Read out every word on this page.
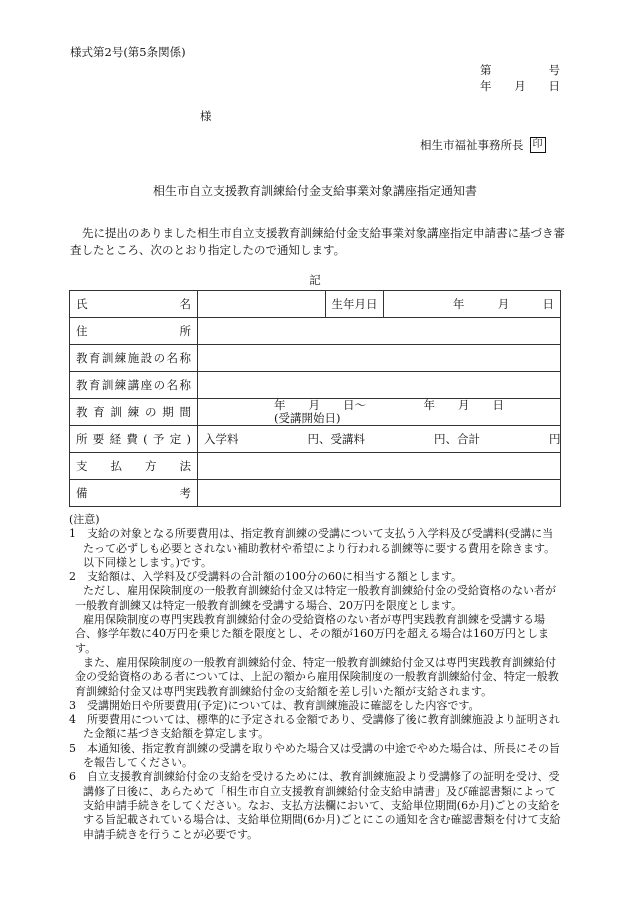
様式第2号(第5条関係)
第	号
年 月 日
様
相生市福祉事務所長 印
相生市自立支援教育訓練給付金支給事業対象講座指定通知書
先に提出のありました相生市自立支援教育訓練給付金支給事業対象講座指定申請書に基づき審査したところ、次のとおり指定したので通知します。
記
氏　　　　名		生年月日	年 月 日
住　　　　所			
教育訓練施設の名称			
教育訓練講座の名称			
教育訓練の期間	年　　月　　日～　　　　　年　　月　　日
(受講開始日)		

所要経費(予定)	入学料　　　　　　円、受講料　　　　　　円、合計　　　　　　円		
支　払　方　法			
備　　　　考			

(注意)

1　支給の対象となる所要費用は、指定教育訓練の受講について支払う入学料及び受講料(受講に当たって必ずしも必要とされない補助教材や希望により行われる訓練等に要する費用を除きます。以下同様とします。)です。

2　支給額は、入学料及び受講料の合計額の100分の60に相当する額とします。

ただし、雇用保険制度の一般教育訓練給付金又は特定一般教育訓練給付金の受給資格のない者が一般教育訓練又は特定一般教育訓練を受講する場合、20万円を限度とします。

雇用保険制度の専門実践教育訓練給付金の受給資格のない者が専門実践教育訓練を受講する場合、修学年数に40万円を乗じた額を限度とし、その額が160万円を超える場合は160万円とします。

また、雇用保険制度の一般教育訓練給付金、特定一般教育訓練給付金又は専門実践教育訓練給付金の受給資格のある者については、上記の額から雇用保険制度の一般教育訓練給付金、特定一般教育訓練給付金又は専門実践教育訓練給付金の支給額を差し引いた額が支給されます。

3　受講開始日や所要費用(予定)については、教育訓練施設に確認をした内容です。

4　所要費用については、標準的に予定される金額であり、受講修了後に教育訓練施設より証明された金額に基づき支給額を算定します。

5　本通知後、指定教育訓練の受講を取りやめた場合又は受講の中途でやめた場合は、所長にその旨を報告してください。

6　自立支援教育訓練給付金の支給を受けるためには、教育訓練施設より受講修了の証明を受け、受講修了日後に、あらためて「相生市自立支援教育訓練給付金支給申請書」及び確認書類によって支給申請手続きをしてください。なお、支払方法欄において、支給単位期間(6か月)ごとの支給をする旨記載されている場合は、支給単位期間(6か月)ごとにこの通知を含む確認書類を付けて支給申請手続きを行うことが必要です。
